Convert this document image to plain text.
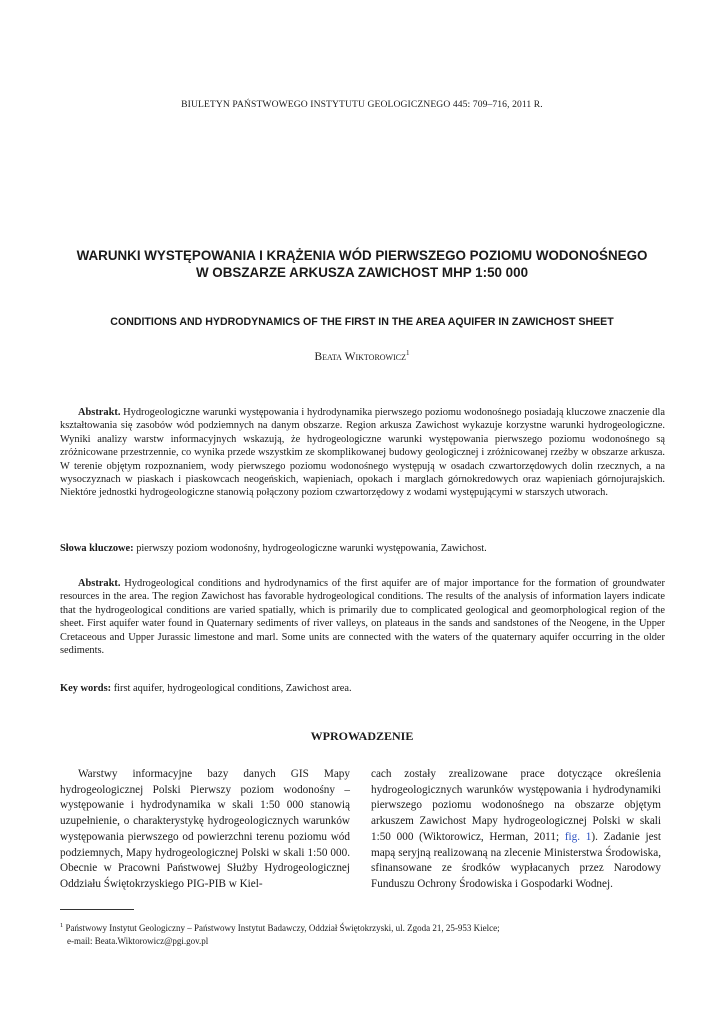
BIULETYN PAŃSTWOWEGO INSTYTUTU GEOLOGICZNEGO 445: 709–716, 2011 R.
WARUNKI WYSTĘPOWANIA I KRĄŻENIA WÓD PIERWSZEGO POZIOMU WODONOŚNEGO
W OBSZARZE ARKUSZA ZAWICHOST MHP 1:50 000
CONDITIONS AND HYDRODYNAMICS OF THE FIRST IN THE AREA AQUIFER IN ZAWICHOST SHEET
Beata Wiktorowicz$^1$
Abstrakt. Hydrogeologiczne warunki występowania i hydrodynamika pierwszego poziomu wodonośnego posiadają kluczowe znaczenie dla kształtowania się zasobów wód podziemnych na danym obszarze. Region arkusza Zawichost wykazuje korzystne warunki hydrogeologiczne. Wyniki analizy warstw informacyjnych wskazują, że hydrogeologiczne warunki występowania pierwszego poziomu wodonośnego są zróżnicowane przestrzennie, co wynika przede wszystkim ze skomplikowanej budowy geologicznej i zróżnicowanej rzeźby w obszarze arkusza. W terenie objętym rozpoznaniem, wody pierwszego poziomu wodonośnego występują w osadach czwartorzędowych dolin rzecznych, a na wysoczyznach w piaskach i piaskowcach neogeńskich, wapieniach, opokach i marglach górnokredowych oraz wapieniach górnojurajskich. Niektóre jednostki hydrogeologiczne stanowią połączony poziom czwartorzędowy z wodami występującymi w starszych utworach.
Słowa kluczowe: pierwszy poziom wodonośny, hydrogeologiczne warunki występowania, Zawichost.
Abstrakt. Hydrogeological conditions and hydrodynamics of the first aquifer are of major importance for the formation of groundwater resources in the area. The region Zawichost has favorable hydrogeological conditions. The results of the analysis of information layers indicate that the hydrogeological conditions are varied spatially, which is primarily due to complicated geological and geomorphological region of the sheet. First aquifer water found in Quaternary sediments of river valleys, on plateaus in the sands and sandstones of the Neogene, in the Upper Cretaceous and Upper Jurassic limestone and marl. Some units are connected with the waters of the quaternary aquifer occurring in the older sediments.
Key words: first aquifer, hydrogeological conditions, Zawichost area.
WPROWADZENIE
Warstwy informacyjne bazy danych GIS Mapy hydrogeologicznej Polski Pierwszy poziom wodonośny – występowanie i hydrodynamika w skali 1:50 000 stanowią uzupełnienie, o charakterystykę hydrogeologicznych warunków występowania pierwszego od powierzchni terenu poziomu wód podziemnych, Mapy hydrogeologicznej Polski w skali 1:50 000. Obecnie w Pracowni Państwowej Służby Hydrogeologicznej Oddziału Świętokrzyskiego PIG-PIB w Kiel-
cach zostały zrealizowane prace dotyczące określenia hydrogeologicznych warunków występowania i hydrodynamiki pierwszego poziomu wodonośnego na obszarze objętym arkuszem Zawichost Mapy hydrogeologicznej Polski w skali 1:50 000 (Wiktorowicz, Herman, 2011; fig. 1). Zadanie jest mapą seryjną realizowaną na zlecenie Ministerstwa Środowiska, sfinansowane ze środków wypłacanych przez Narodowy Funduszu Ochrony Środowiska i Gospodarki Wodnej.
$^1$ Państwowy Instytut Geologiczny – Państwowy Instytut Badawczy, Oddział Świętokrzyski, ul. Zgoda 21, 25-953 Kielce;
e-mail: Beata.Wiktorowicz@pgi.gov.pl
